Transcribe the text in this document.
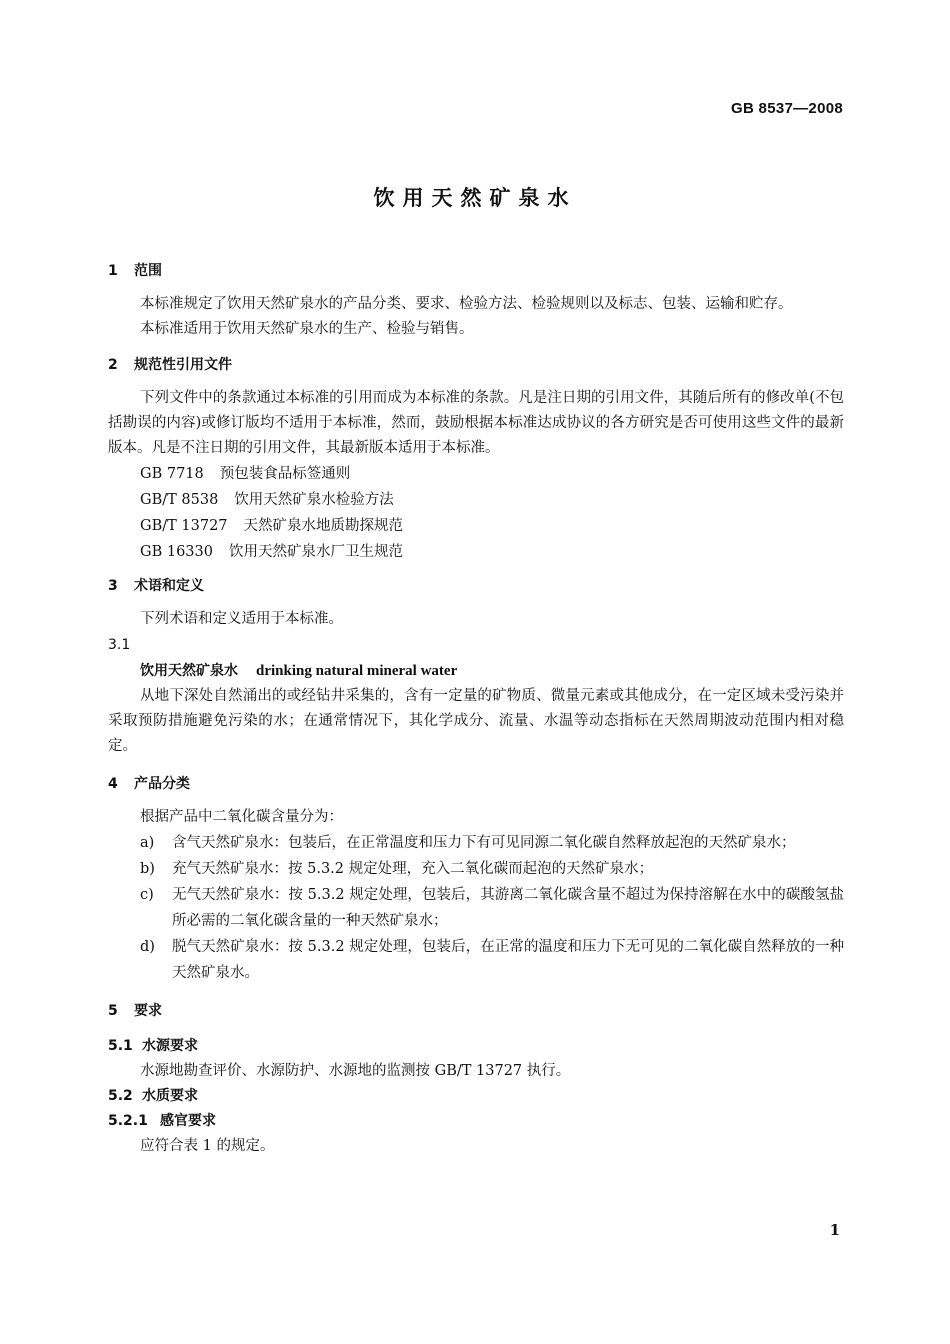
GB 8537—2008
饮用天然矿泉水
1 范围
本标准规定了饮用天然矿泉水的产品分类、要求、检验方法、检验规则以及标志、包装、运输和贮存。
本标准适用于饮用天然矿泉水的生产、检验与销售。
2 规范性引用文件
下列文件中的条款通过本标准的引用而成为本标准的条款。凡是注日期的引用文件，其随后所有的修改单(不包括勘误的内容)或修订版均不适用于本标准，然而，鼓励根据本标准达成协议的各方研究是否可使用这些文件的最新版本。凡是不注日期的引用文件，其最新版本适用于本标准。
GB 7718 预包装食品标签通则
GB/T 8538 饮用天然矿泉水检验方法
GB/T 13727 天然矿泉水地质勘探规范
GB 16330 饮用天然矿泉水厂卫生规范
3 术语和定义
下列术语和定义适用于本标准。
3.1
饮用天然矿泉水 drinking natural mineral water
从地下深处自然涌出的或经钻井采集的，含有一定量的矿物质、微量元素或其他成分，在一定区域未受污染并采取预防措施避免污染的水；在通常情况下，其化学成分、流量、水温等动态指标在天然周期波动范围内相对稳定。
4 产品分类
根据产品中二氧化碳含量分为：
a)	含气天然矿泉水：包装后，在正常温度和压力下有可见同源二氧化碳自然释放起泡的天然矿泉水；
b)	充气天然矿泉水：按 5.3.2 规定处理，充入二氧化碳而起泡的天然矿泉水；
c)	无气天然矿泉水：按 5.3.2 规定处理，包装后，其游离二氧化碳含量不超过为保持溶解在水中的碳酸氢盐所必需的二氧化碳含量的一种天然矿泉水；
d)	脱气天然矿泉水：按 5.3.2 规定处理，包装后，在正常的温度和压力下无可见的二氧化碳自然释放的一种天然矿泉水。
5 要求
5.1 水源要求
水源地勘查评价、水源防护、水源地的监测按 GB/T 13727 执行。
5.2 水质要求
5.2.1 感官要求
应符合表 1 的规定。
1
